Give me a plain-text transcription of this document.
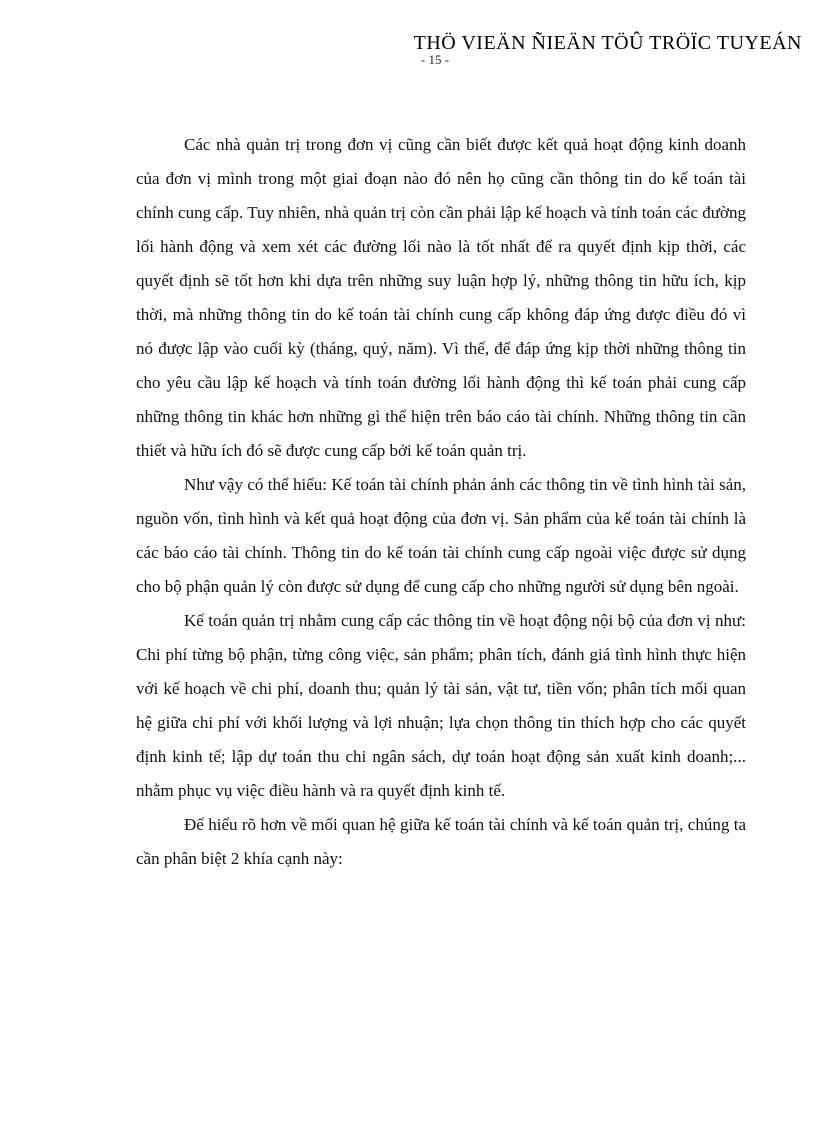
THÖ VIEÄN ÑIEÄN TÖÛ TRÖÏC TUYEÁN
- 15 -

Các nhà quản trị trong đơn vị cũng cần biết được kết quả hoạt động kinh doanh của đơn vị mình trong một giai đoạn nào đó nên họ cũng cần thông tin do kế toán tài chính cung cấp. Tuy nhiên, nhà quản trị còn cần phải lập kế hoạch và tính toán các đường lối hành động và xem xét các đường lối nào là tốt nhất để ra quyết định kịp thời, các quyết định sẽ tốt hơn khi dựa trên những suy luận hợp lý, những thông tin hữu ích, kịp thời, mà những thông tin do kế toán tài chính cung cấp không đáp ứng được điều đó vì nó được lập vào cuối kỳ (tháng, quý, năm). Vì thế, để đáp ứng kịp thời những thông tin cho yêu cầu lập kế hoạch và tính toán đường lối hành động thì kế toán phải cung cấp những thông tin khác hơn những gì thể hiện trên báo cáo tài chính. Những thông tin cần thiết và hữu ích đó sẽ được cung cấp bởi kế toán quản trị.

Như vậy có thể hiểu: Kế toán tài chính phản ánh các thông tin về tình hình tài sản, nguồn vốn, tình hình và kết quả hoạt động của đơn vị. Sản phẩm của kế toán tài chính là các báo cáo tài chính. Thông tin do kế toán tài chính cung cấp ngoài việc được sử dụng cho bộ phận quản lý còn được sử dụng để cung cấp cho những người sử dụng bên ngoài.

Kế toán quản trị nhằm cung cấp các thông tin về hoạt động nội bộ của đơn vị như: Chi phí từng bộ phận, từng công việc, sản phẩm; phân tích, đánh giá tình hình thực hiện với kế hoạch về chi phí, doanh thu; quản lý tài sản, vật tư, tiền vốn; phân tích mối quan hệ giữa chi phí với khối lượng và lợi nhuận; lựa chọn thông tin thích hợp cho các quyết định kinh tế; lập dự toán thu chi ngân sách, dự toán hoạt động sản xuất kinh doanh;... nhằm phục vụ việc điều hành và ra quyết định kinh tế.

Để hiểu rõ hơn về mối quan hệ giữa kế toán tài chính và kế toán quản trị, chúng ta cần phân biệt 2 khía cạnh này:
